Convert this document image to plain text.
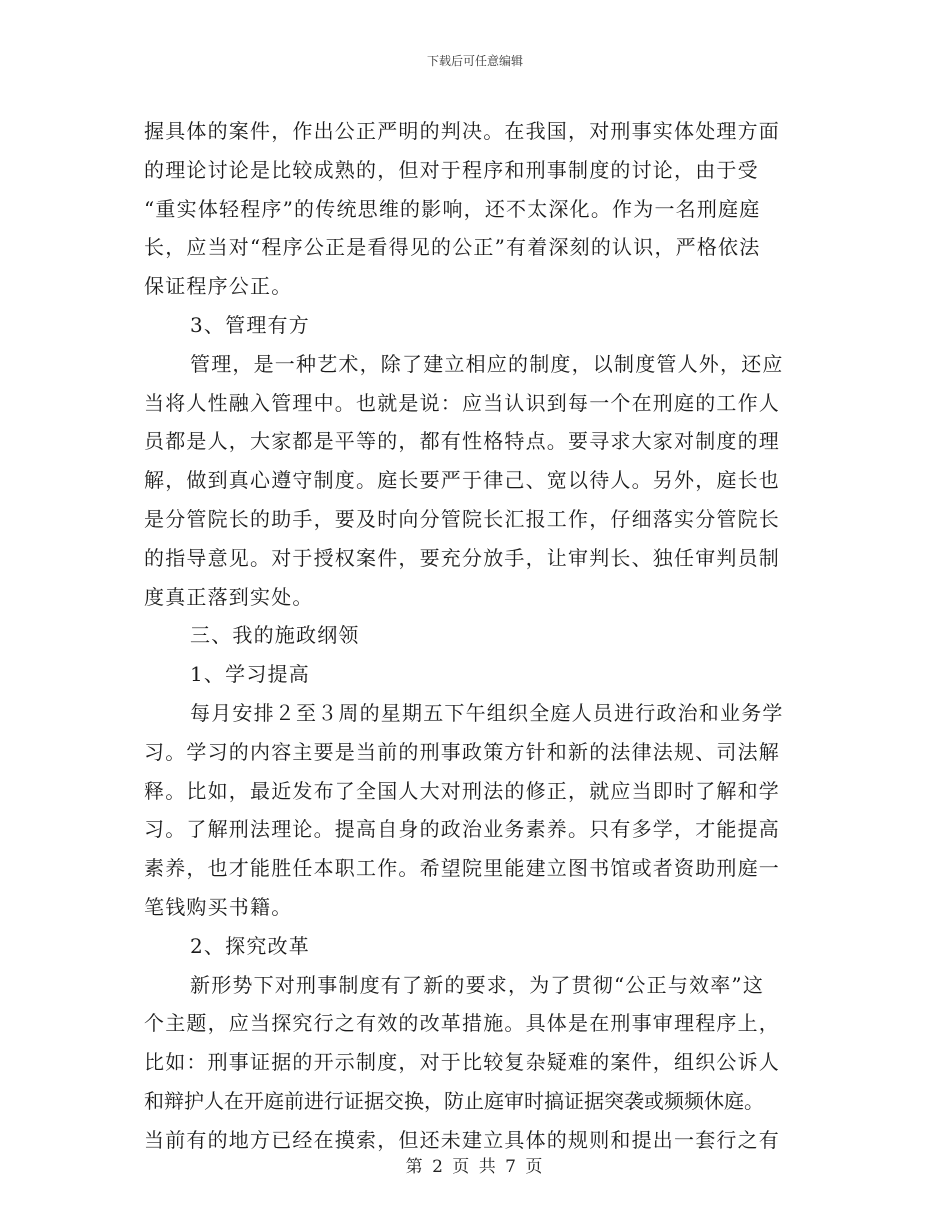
下载后可任意编辑
握具体的案件，作出公正严明的判决。在我国，对刑事实体处理方面
的理论讨论是比较成熟的，但对于程序和刑事制度的讨论，由于受
“重实体轻程序”的传统思维的影响，还不太深化。作为一名刑庭庭
长，应当对“程序公正是看得见的公正”有着深刻的认识，严格依法
保证程序公正。
3、管理有方
管理，是一种艺术，除了建立相应的制度，以制度管人外，还应
当将人性融入管理中。也就是说：应当认识到每一个在刑庭的工作人
员都是人，大家都是平等的，都有性格特点。要寻求大家对制度的理
解，做到真心遵守制度。庭长要严于律己、宽以待人。另外，庭长也
是分管院长的助手，要及时向分管院长汇报工作，仔细落实分管院长
的指导意见。对于授权案件，要充分放手，让审判长、独任审判员制
度真正落到实处。
三、我的施政纲领
1、学习提高
每月安排２至３周的星期五下午组织全庭人员进行政治和业务学
习。学习的内容主要是当前的刑事政策方针和新的法律法规、司法解
释。比如，最近发布了全国人大对刑法的修正，就应当即时了解和学
习。了解刑法理论。提高自身的政治业务素养。只有多学，才能提高
素养，也才能胜任本职工作。希望院里能建立图书馆或者资助刑庭一
笔钱购买书籍。
2、探究改革
新形势下对刑事制度有了新的要求，为了贯彻“公正与效率”这
个主题，应当探究行之有效的改革措施。具体是在刑事审理程序上，
比如：刑事证据的开示制度，对于比较复杂疑难的案件，组织公诉人
和辩护人在开庭前进行证据交换，防止庭审时搞证据突袭或频频休庭。
当前有的地方已经在摸索，但还未建立具体的规则和提出一套行之有
第 2 页 共 7 页
